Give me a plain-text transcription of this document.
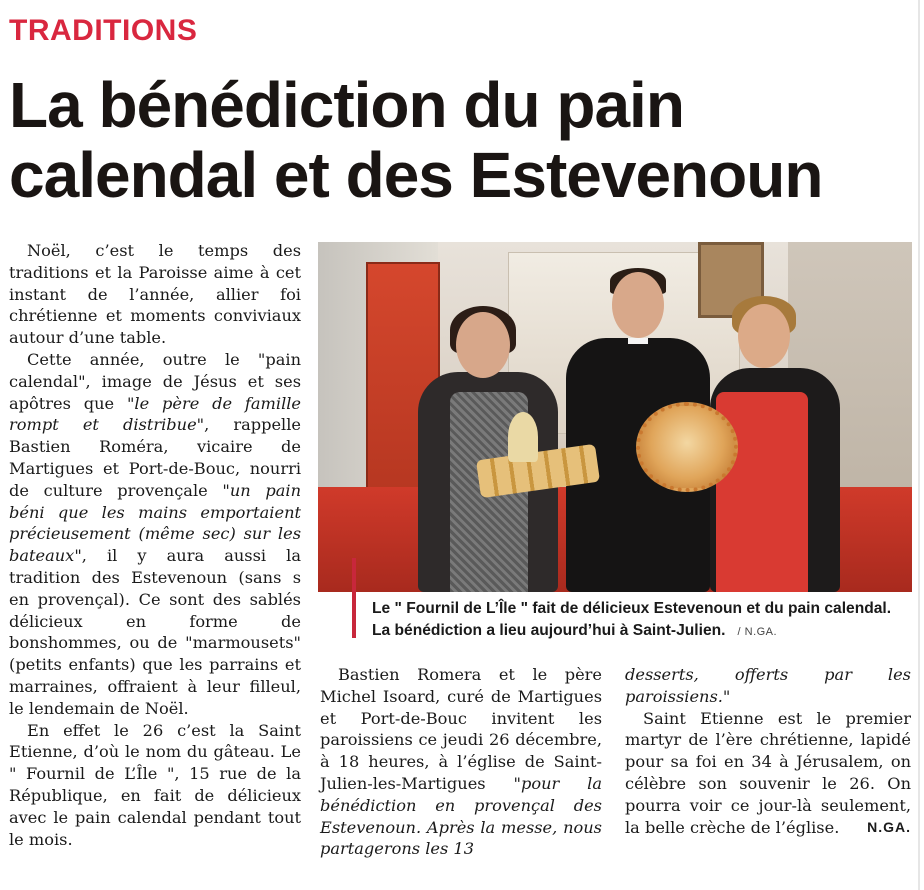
TRADITIONS
La bénédiction du pain calendal et des Estevenoun

Noël, c’est le temps des traditions et la Paroisse aime à cet instant de l’année, allier foi chrétienne et moments conviviaux autour d’une table.

Cette année, outre le "pain calendal", image de Jésus et ses apôtres que "le père de famille rompt et distribue", rappelle Bastien Roméra, vicaire de Martigues et Port-de-Bouc, nourri de culture provençale "un pain béni que les mains emportaient précieusement (même sec) sur les bateaux", il y aura aussi la tradition des Estevenoun (sans s en provençal). Ce sont des sablés délicieux en forme de bonshommes, ou de "marmousets" (petits enfants) que les parrains et marraines, offraient à leur filleul, le lendemain de Noël.

En effet le 26 c’est la Saint Etienne, d’où le nom du gâteau. Le " Fournil de L’Île ", 15 rue de la République, en fait de délicieux avec le pain calendal pendant tout le mois.

Le " Fournil de L’Île " fait de délicieux Estevenoun et du pain calendal. La bénédiction a lieu aujourd’hui à Saint-Julien. / N.GA.

Bastien Romera et le père Michel Isoard, curé de Martigues et Port-de-Bouc invitent les paroissiens ce jeudi 26 décembre, à 18 heures, à l’église de Saint-Julien-les-Martigues "pour la bénédiction en provençal des Estevenoun. Après la messe, nous partagerons les 13

desserts, offerts par les paroissiens."

Saint Etienne est le premier martyr de l’ère chrétienne, lapidé pour sa foi en 34 à Jérusalem, on célèbre son souvenir le 26. On pourra voir ce jour-là seulement, la belle crèche de l’église.	N.GA.
